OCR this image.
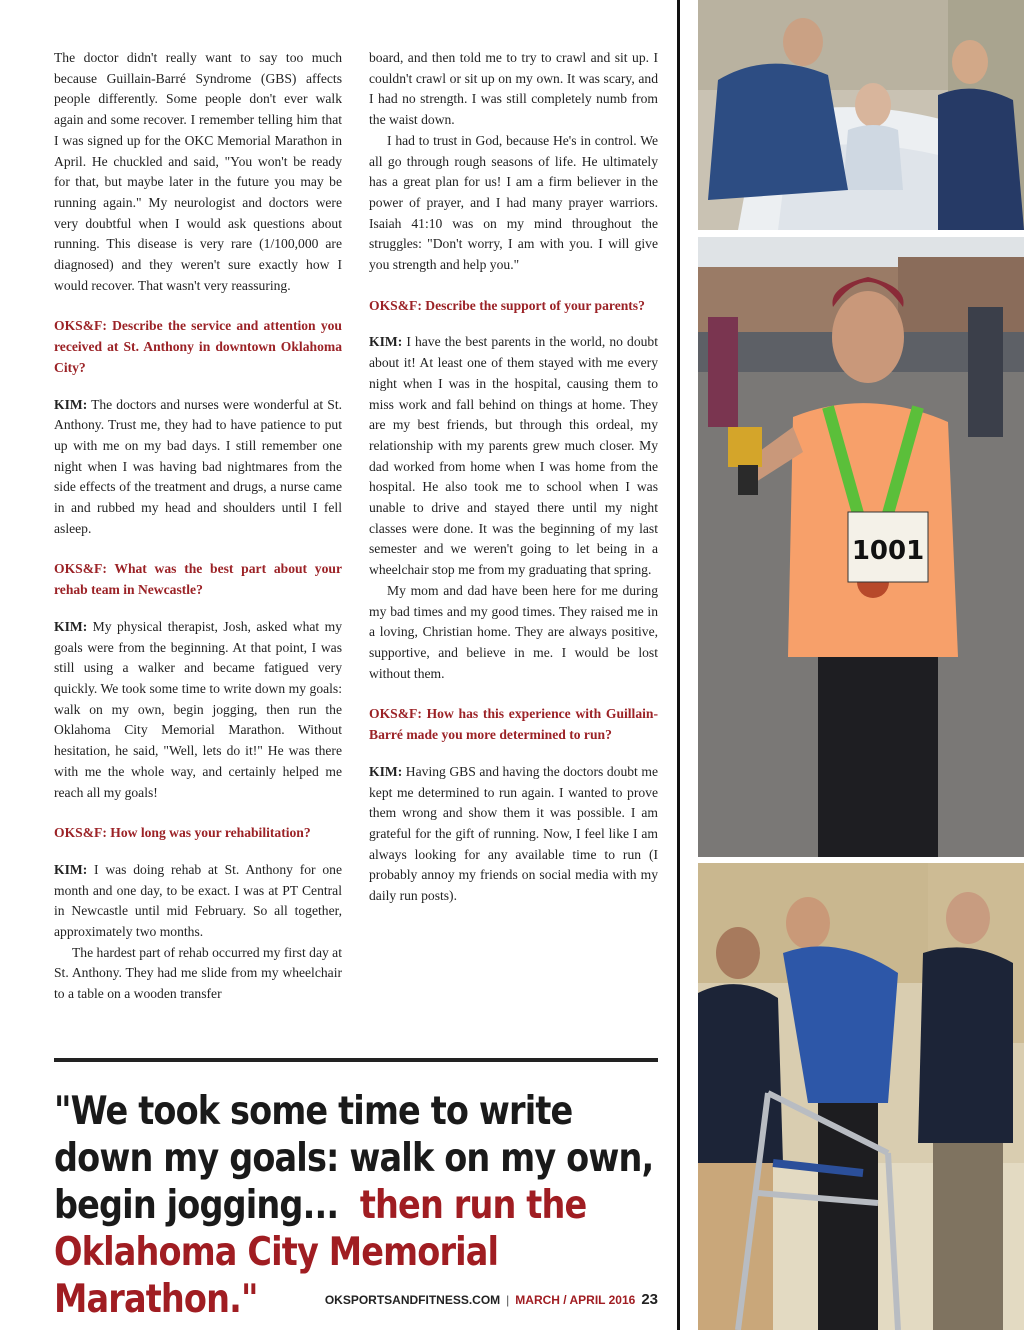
The doctor didn't really want to say too much because Guillain-Barré Syndrome (GBS) affects people differently. Some people don't ever walk again and some recover. I remember telling him that I was signed up for the OKC Memorial Marathon in April. He chuckled and said, "You won't be ready for that, but maybe later in the future you may be running again." My neurologist and doctors were very doubtful when I would ask questions about running. This disease is very rare (1/100,000 are diagnosed) and they weren't sure exactly how I would recover. That wasn't very reassuring.

OKS&F: Describe the service and attention you received at St. Anthony in downtown Oklahoma City?

KIM: The doctors and nurses were wonderful at St. Anthony. Trust me, they had to have patience to put up with me on my bad days. I still remember one night when I was having bad nightmares from the side effects of the treatment and drugs, a nurse came in and rubbed my head and shoulders until I fell asleep.

OKS&F: What was the best part about your rehab team in Newcastle?

KIM: My physical therapist, Josh, asked what my goals were from the beginning. At that point, I was still using a walker and became fatigued very quickly. We took some time to write down my goals: walk on my own, begin jogging, then run the Oklahoma City Memorial Marathon. Without hesitation, he said, "Well, lets do it!" He was there with me the whole way, and certainly helped me reach all my goals!

OKS&F: How long was your rehabilitation?

KIM: I was doing rehab at St. Anthony for one month and one day, to be exact. I was at PT Central in Newcastle until mid February. So all together, approximately two months.

The hardest part of rehab occurred my first day at St. Anthony. They had me slide from my wheelchair to a table on a wooden transfer

board, and then told me to try to crawl and sit up. I couldn't crawl or sit up on my own. It was scary, and I had no strength. I was still completely numb from the waist down.

I had to trust in God, because He's in control. We all go through rough seasons of life. He ultimately has a great plan for us! I am a firm believer in the power of prayer, and I had many prayer warriors. Isaiah 41:10 was on my mind throughout the struggles: "Don't worry, I am with you. I will give you strength and help you."

OKS&F: Describe the support of your parents?

KIM: I have the best parents in the world, no doubt about it! At least one of them stayed with me every night when I was in the hospital, causing them to miss work and fall behind on things at home. They are my best friends, but through this ordeal, my relationship with my parents grew much closer. My dad worked from home when I was home from the hospital. He also took me to school when I was unable to drive and stayed there until my night classes were done. It was the beginning of my last semester and we weren't going to let being in a wheelchair stop me from my graduating that spring.

My mom and dad have been here for me during my bad times and my good times. They raised me in a loving, Christian home. They are always positive, supportive, and believe in me. I would be lost without them.

OKS&F: How has this experience with Guillain-Barré made you more determined to run?

KIM: Having GBS and having the doctors doubt me kept me determined to run again. I wanted to prove them wrong and show them it was possible. I am grateful for the gift of running. Now, I feel like I am always looking for any available time to run (I probably annoy my friends on social media with my daily run posts).

1001
"We took some time to write down my goals: walk on my own, begin jogging... then run the Oklahoma City Memorial Marathon."	OKSPORTSANDFITNESS.COM | MARCH / APRIL 2016 23
